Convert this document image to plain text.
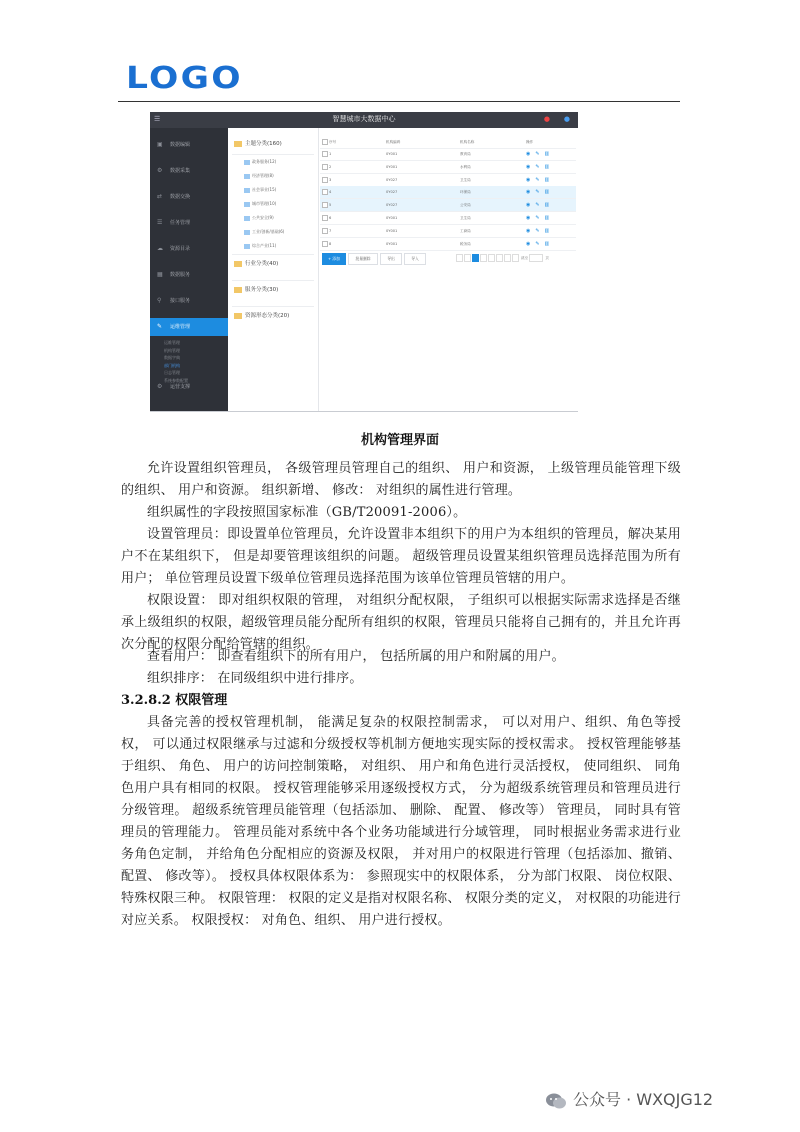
LOGO
☰	智慧城市大数据中心	● ●
▣ 数据编辑
⚙ 数据采集
⇄ 数据交换
☰ 任务管理
☁ 资源目录
▦ 数据服务
⚲ 接口服务
✎ 运维管理
⚙ 运营支撑
运维管理
机构管理
数据字典
部门机构
日志管理
系统参数配置
主题分类(160)
政务服务(12)
经济管理(8)
社会事业(15)
城市管理(10)
公共安全(9)
工业/创新/基础(6)
综合产业(11)
行业分类(40)
服务分类(30)
资源形态分类(20)
序号	机构编码	机构名称	操作
1	0Y001	教育局	◉✎▥
2	0Y001	水利局	◉✎▥
3	0Y027	卫生局	◉✎▥
4	0Y027	环保局	◉✎▥
5	0Y027	公安局	◉✎▥
6	0Y001	卫生局	◉✎▥
7	0Y001	工商局	◉✎▥
8	0Y001	税务局	◉✎▥
+ 添加	批量删除	导出	导入	跳至	页
机构管理界面
允许设置组织管理员， 各级管理员管理自己的组织、 用户和资源， 上级管理员能管理下级的组织、 用户和资源。 组织新增、 修改： 对组织的属性进行管理。
组织属性的字段按照国家标准（GB/T20091-2006）。
设置管理员：即设置单位管理员，允许设置非本组织下的用户为本组织的管理员，解决某用户不在某组织下， 但是却要管理该组织的问题。 超级管理员设置某组织管理员选择范围为所有用户； 单位管理员设置下级单位管理员选择范围为该单位管理员管辖的用户。
权限设置： 即对组织权限的管理， 对组织分配权限， 子组织可以根据实际需求选择是否继承上级组织的权限，超级管理员能分配所有组织的权限，管理员只能将自己拥有的，并且允许再次分配的权限分配给管辖的组织。
查看用户： 即查看组织下的所有用户， 包括所属的用户和附属的用户。
组织排序： 在同级组织中进行排序。
3.2.8.2 权限管理
具备完善的授权管理机制， 能满足复杂的权限控制需求， 可以对用户、组织、角色等授权， 可以通过权限继承与过滤和分级授权等机制方便地实现实际的授权需求。 授权管理能够基于组织、 角色、 用户的访问控制策略， 对组织、 用户和角色进行灵活授权， 使同组织、 同角色用户具有相同的权限。 授权管理能够采用逐级授权方式， 分为超级系统管理员和管理员进行分级管理。 超级系统管理员能管理（包括添加、 删除、 配置、 修改等） 管理员， 同时具有管理员的管理能力。 管理员能对系统中各个业务功能域进行分域管理， 同时根据业务需求进行业务角色定制， 并给角色分配相应的资源及权限， 并对用户的权限进行管理（包括添加、撤销、 配置、 修改等）。 授权具体权限体系为： 参照现实中的权限体系， 分为部门权限、 岗位权限、 特殊权限三种。 权限管理： 权限的定义是指对权限名称、 权限分类的定义， 对权限的功能进行对应关系。 权限授权： 对角色、组织、 用户进行授权。
公众号 · WXQJG12
